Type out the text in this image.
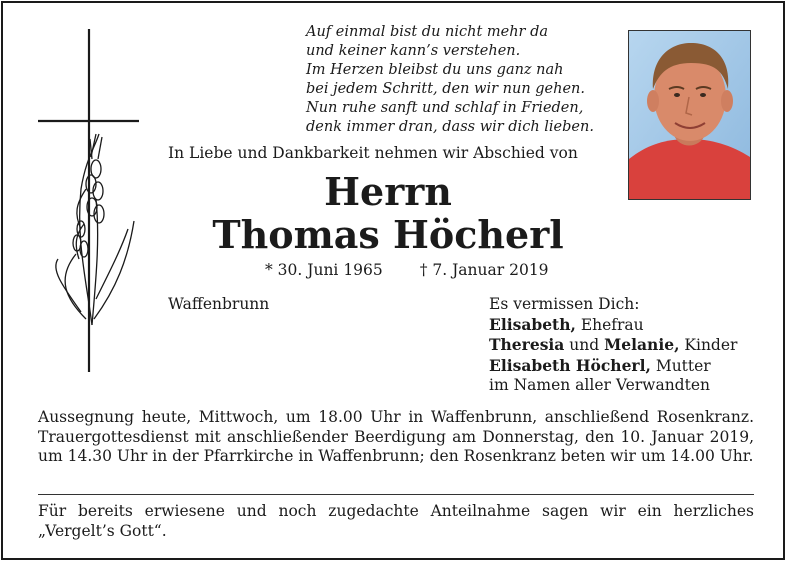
Auf einmal bist du nicht mehr da
und keiner kann’s verstehen.
Im Herzen bleibst du uns ganz nah
bei jedem Schritt, den wir nun gehen.
Nun ruhe sanft und schlaf in Frieden,
denk immer dran, dass wir dich lieben.
In Liebe und Dankbarkeit nehmen wir Abschied von
Herrn
Thomas Höcherl
* 30. Juni 1965 † 7. Januar 2019
Waffenbrunn	Es vermissen Dich:
Elisabeth, Ehefrau
Theresia und Melanie, Kinder
Elisabeth Höcherl, Mutter
im Namen aller Verwandten
Aussegnung heute, Mittwoch, um 18.00 Uhr in Waffenbrunn, anschließend Rosenkranz. Trauergottesdienst mit anschließender Beerdigung am Donnerstag, den 10. Januar 2019, um 14.30 Uhr in der Pfarrkirche in Waffenbrunn; den Rosenkranz beten wir um 14.00 Uhr.
Für bereits erwiesene und noch zugedachte Anteilnahme sagen wir ein herzliches „Vergelt’s Gott“.
